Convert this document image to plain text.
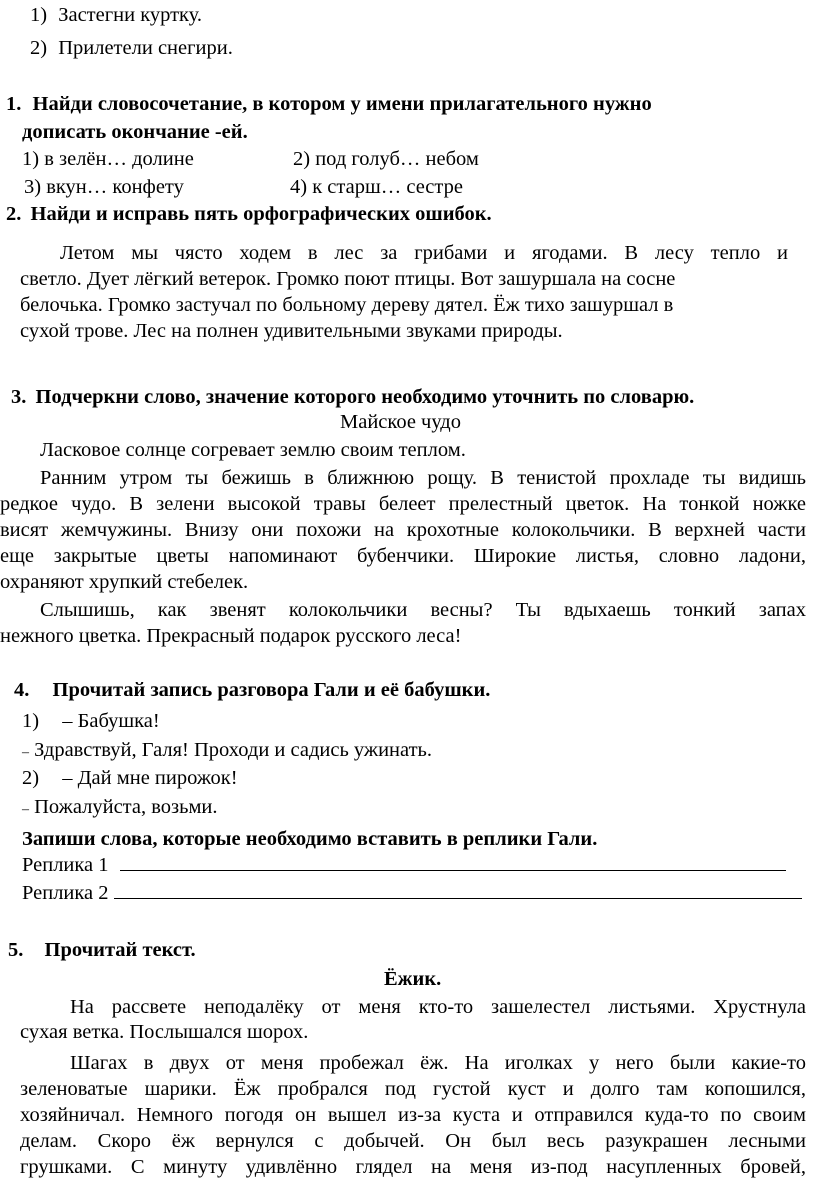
1) Застегни куртку.
2) Прилетели снегири.
1. Найди словосочетание, в котором у имени прилагательного нужно
дописать окончание -ей.
1) в зелён… долине	2) под голуб… небом
3) вкун… конфету	4) к старш… сестре
2. Найди и исправь пять орфографических ошибок.
Летом мы чясто ходем в лес за грибами и ягодами. В лесу тепло и
светло. Дует лёгкий ветерок. Громко поют птицы. Вот зашуршала на сосне
белочька. Громко застучал по больному дереву дятел. Ёж тихо зашуршал в
сухой трове. Лес на полнен удивительными звуками природы.
3. Подчеркни слово, значение которого необходимо уточнить по словарю.
Майское чудо
Ласковое солнце согревает землю своим теплом.
Ранним утром ты бежишь в ближнюю рощу. В тенистой прохладе ты видишь
редкое чудо. В зелени высокой травы белеет прелестный цветок. На тонкой ножке
висят жемчужины. Внизу они похожи на крохотные колокольчики. В верхней части
еще закрытые цветы напоминают бубенчики. Широкие листья, словно ладони,
охраняют хрупкий стебелек.
Слышишь, как звенят колокольчики весны? Ты вдыхаешь тонкий запах
нежного цветка. Прекрасный подарок русского леса!
4. Прочитай запись разговора Гали и её бабушки.
1) – Бабушка!
– Здравствуй, Галя! Проходи и садись ужинать.
2) – Дай мне пирожок!
– Пожалуйста, возьми.
Запиши слова, которые необходимо вставить в реплики Гали.
Реплика 1
Реплика 2
5. Прочитай текст.
Ёжик.
На рассвете неподалёку от меня кто-то зашелестел листьями. Хрустнула
сухая ветка. Послышался шорох.
Шагах в двух от меня пробежал ёж. На иголках у него были какие-то
зеленоватые шарики. Ёж пробрался под густой куст и долго там копошился,
хозяйничал. Немного погодя он вышел из-за куста и отправился куда-то по своим
делам. Скоро ёж вернулся с добычей. Он был весь разукрашен лесными
грушками. С минуту удивлённо глядел на меня из-под насупленных бровей,
